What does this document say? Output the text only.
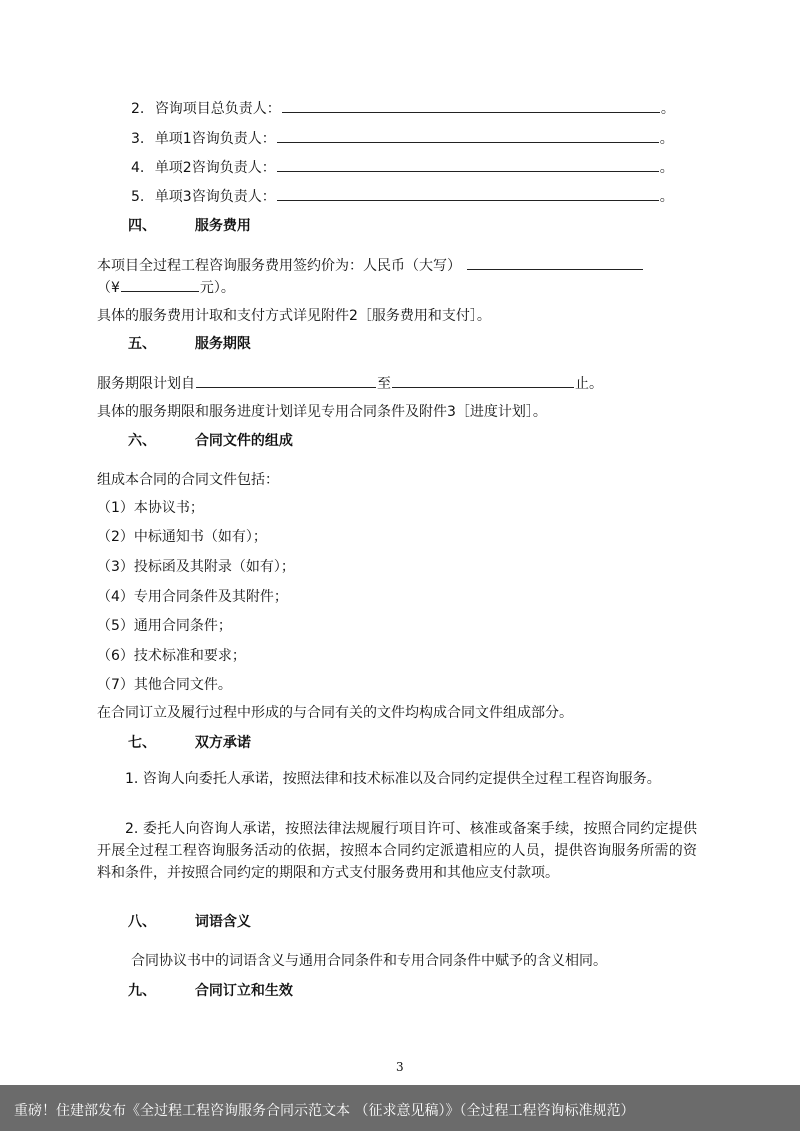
2. 咨询项目总负责人：	。
3. 单项1咨询负责人：	。
4. 单项2咨询负责人：	。
5. 单项3咨询负责人：	。
四、	服务费用
本项目全过程工程咨询服务费用签约价为：人民币（大写）
（¥	元）。
具体的服务费用计取和支付方式详见附件2［服务费用和支付］。
五、	服务期限
服务期限计划自	至	止。
具体的服务期限和服务进度计划详见专用合同条件及附件3［进度计划］。
六、	合同文件的组成
组成本合同的合同文件包括：
（1）本协议书；
（2）中标通知书（如有）；
（3）投标函及其附录（如有）；
（4）专用合同条件及其附件；
（5）通用合同条件；
（6）技术标准和要求；
（7）其他合同文件。
在合同订立及履行过程中形成的与合同有关的文件均构成合同文件组成部分。
七、	双方承诺
1. 咨询人向委托人承诺，按照法律和技术标准以及合同约定提供全过程工程咨询服务。
2. 委托人向咨询人承诺，按照法律法规履行项目许可、核准或备案手续，按照合同约定提供开展全过程工程咨询服务活动的依据，按照本合同约定派遣相应的人员，提供咨询服务所需的资料和条件，并按照合同约定的期限和方式支付服务费用和其他应支付款项。
八、	词语含义
合同协议书中的词语含义与通用合同条件和专用合同条件中赋予的含义相同。
九、	合同订立和生效
3
重磅！住建部发布《全过程工程咨询服务合同示范文本 （征求意见稿）》（全过程工程咨询标准规范）
